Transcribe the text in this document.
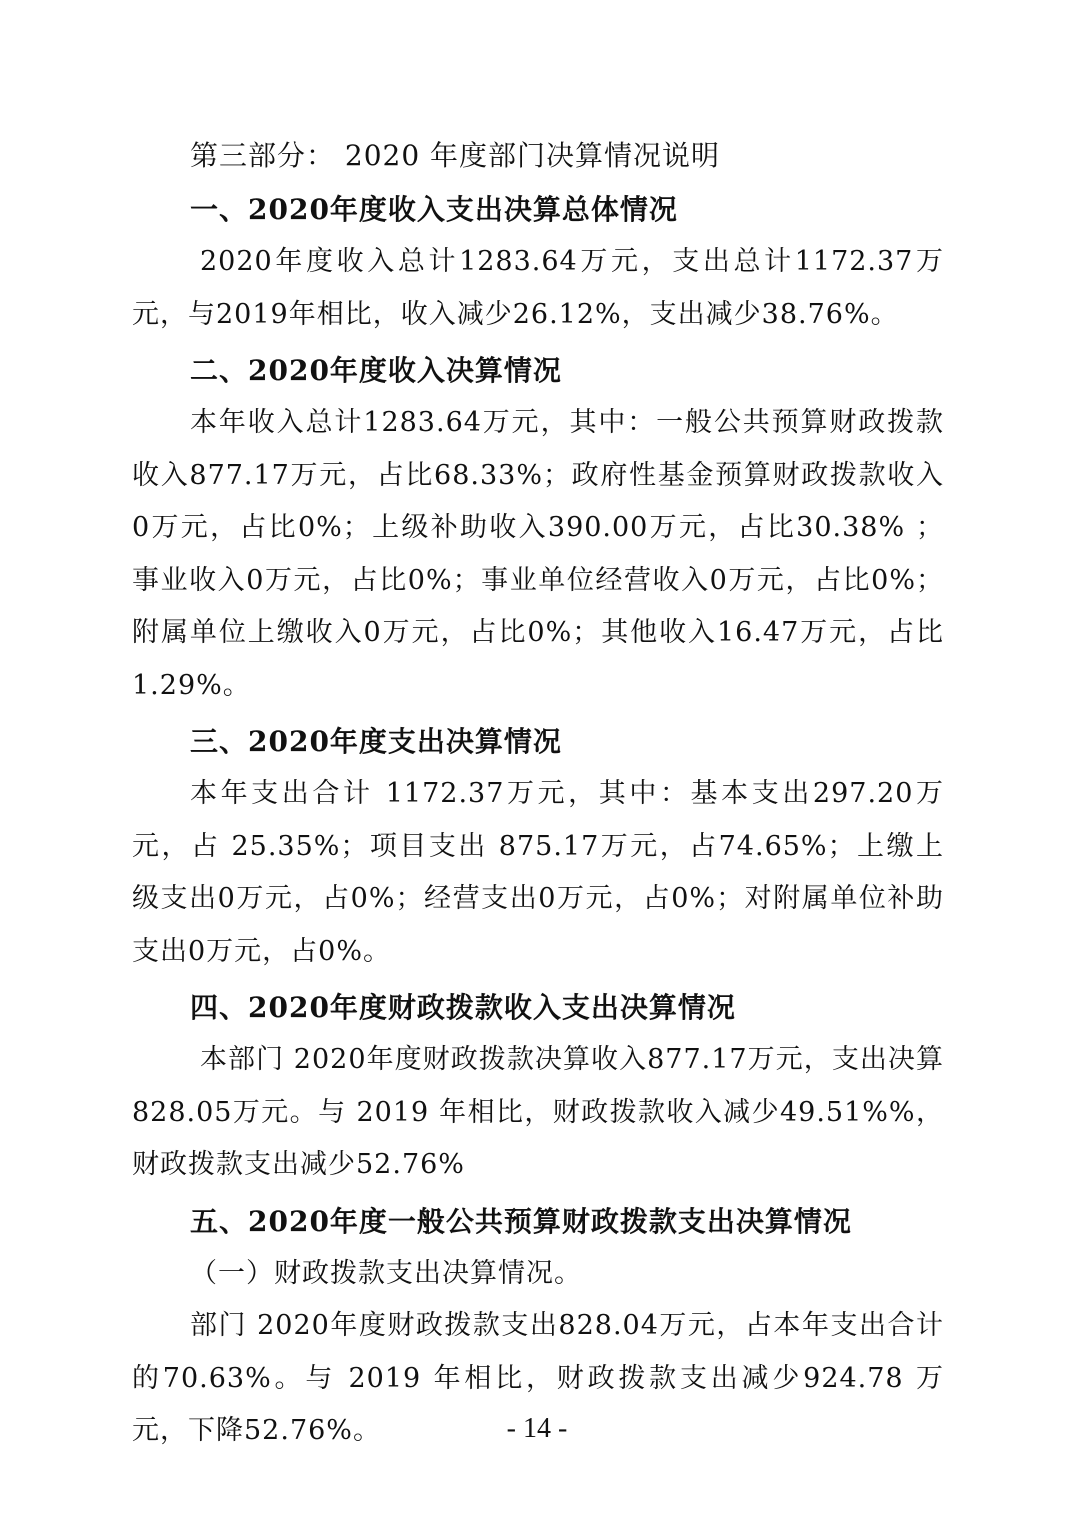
第三部分： 2020 年度部门决算情况说明
一、2020年度收入支出决算总体情况

2020年度收入总计1283.64万元，支出总计1172.37万元，与2019年相比，收入减少26.12%，支出减少38.76%。

二、2020年度收入决算情况

本年收入总计1283.64万元，其中：一般公共预算财政拨款收入877.17万元，占比68.33%；政府性基金预算财政拨款收入0万元，占比0%；上级补助收入390.00万元，占比30.38% ；事业收入0万元，占比0%；事业单位经营收入0万元，占比0%；附属单位上缴收入0万元，占比0%；其他收入16.47万元，占比1.29%。

三、2020年度支出决算情况

本年支出合计 1172.37万元，其中：基本支出297.20万元，占 25.35%；项目支出 875.17万元，占74.65%；上缴上级支出0万元，占0%；经营支出0万元，占0%；对附属单位补助支出0万元，占0%。

四、2020年度财政拨款收入支出决算情况

本部门 2020年度财政拨款决算收入877.17万元，支出决算828.05万元。与 2019 年相比，财政拨款收入减少49.51%%，财政拨款支出减少52.76%

五、2020年度一般公共预算财政拨款支出决算情况

（一）财政拨款支出决算情况。

部门 2020年度财政拨款支出828.04万元，占本年支出合计的70.63%。与 2019 年相比，财政拨款支出减少924.78 万元，下降52.76%。	- 14 -
